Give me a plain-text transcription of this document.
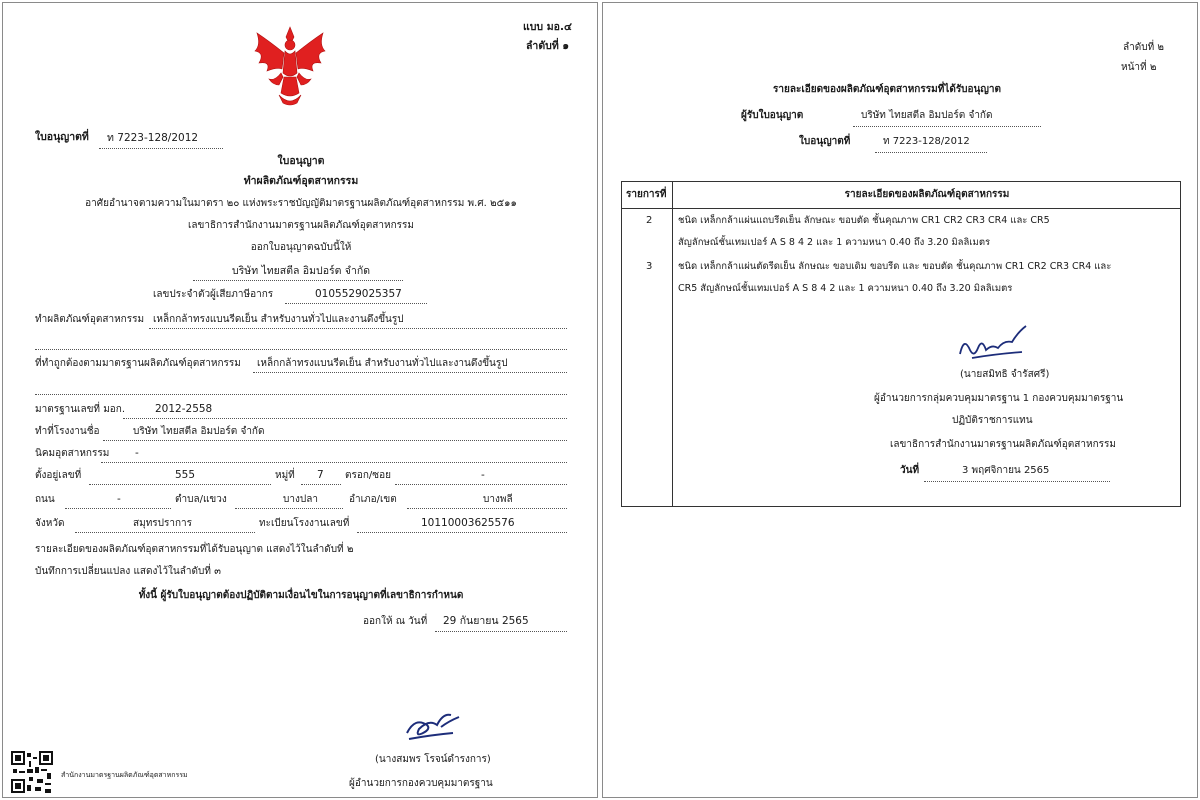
แบบ มอ.๔
ลำดับที่ ๑
ใบอนุญาตที่ ท 7223-128/2012
ใบอนุญาต
ทำผลิตภัณฑ์อุตสาหกรรม
อาศัยอำนาจตามความในมาตรา ๒๐ แห่งพระราชบัญญัติมาตรฐานผลิตภัณฑ์อุตสาหกรรม พ.ศ. ๒๕๑๑
เลขาธิการสำนักงานมาตรฐานผลิตภัณฑ์อุตสาหกรรม
ออกใบอนุญาตฉบับนี้ให้
บริษัท ไทยสตีล อิมปอร์ต จำกัด
เลขประจำตัวผู้เสียภาษีอากร	0105529025357
ทำผลิตภัณฑ์อุตสาหกรรม เหล็กกล้าทรงแบนรีดเย็น สำหรับงานทั่วไปและงานดึงขึ้นรูป
ที่ทำถูกต้องตามมาตรฐานผลิตภัณฑ์อุตสาหกรรม เหล็กกล้าทรงแบนรีดเย็น สำหรับงานทั่วไปและงานดึงขึ้นรูป
มาตรฐานเลขที่ มอก.	2012-2558
ทำที่โรงงานชื่อ	บริษัท ไทยสตีล อิมปอร์ต จำกัด
นิคมอุตสาหกรรม -
ตั้งอยู่เลขที่	555	หมู่ที่ 7 ตรอก/ซอย	-
ถนน	-	ตำบล/แขวง	บางปลา	อำเภอ/เขต	บางพลี
จังหวัด	สมุทรปราการ	ทะเบียนโรงงานเลขที่	10110003625576
รายละเอียดของผลิตภัณฑ์อุตสาหกรรมที่ได้รับอนุญาต แสดงไว้ในลำดับที่ ๒
บันทึกการเปลี่ยนแปลง แสดงไว้ในลำดับที่ ๓
ทั้งนี้ ผู้รับใบอนุญาตต้องปฏิบัติตามเงื่อนไขในการอนุญาตที่เลขาธิการกำหนด
ออกให้ ณ วันที่ 29 กันยายน 2565
(นางสมพร โรจน์ดำรงการ)
ผู้อำนวยการกองควบคุมมาตรฐาน
สำนักงานมาตรฐานผลิตภัณฑ์อุตสาหกรรม
ลำดับที่ ๒
หน้าที่ ๒
รายละเอียดของผลิตภัณฑ์อุตสาหกรรมที่ได้รับอนุญาต
ผู้รับใบอนุญาต	บริษัท ไทยสตีล อิมปอร์ต จำกัด
ใบอนุญาตที่	ท 7223-128/2012
รายการที่	รายละเอียดของผลิตภัณฑ์อุตสาหกรรม
2	ชนิด เหล็กกล้าแผ่นแถบรีดเย็น ลักษณะ ขอบตัด ชั้นคุณภาพ CR1 CR2 CR3 CR4 และ CR5
สัญลักษณ์ชั้นเทมเปอร์ A S 8 4 2 และ 1 ความหนา 0.40 ถึง 3.20 มิลลิเมตร
3	ชนิด เหล็กกล้าแผ่นตัดรีดเย็น ลักษณะ ขอบเดิม ขอบรีด และ ขอบตัด ชั้นคุณภาพ CR1 CR2 CR3 CR4 และ
CR5 สัญลักษณ์ชั้นเทมเปอร์ A S 8 4 2 และ 1 ความหนา 0.40 ถึง 3.20 มิลลิเมตร
(นายสมิทธิ จำรัสศรี)
ผู้อำนวยการกลุ่มควบคุมมาตรฐาน 1 กองควบคุมมาตรฐาน
ปฏิบัติราชการแทน
เลขาธิการสำนักงานมาตรฐานผลิตภัณฑ์อุตสาหกรรม
วันที่	3 พฤศจิกายน 2565
